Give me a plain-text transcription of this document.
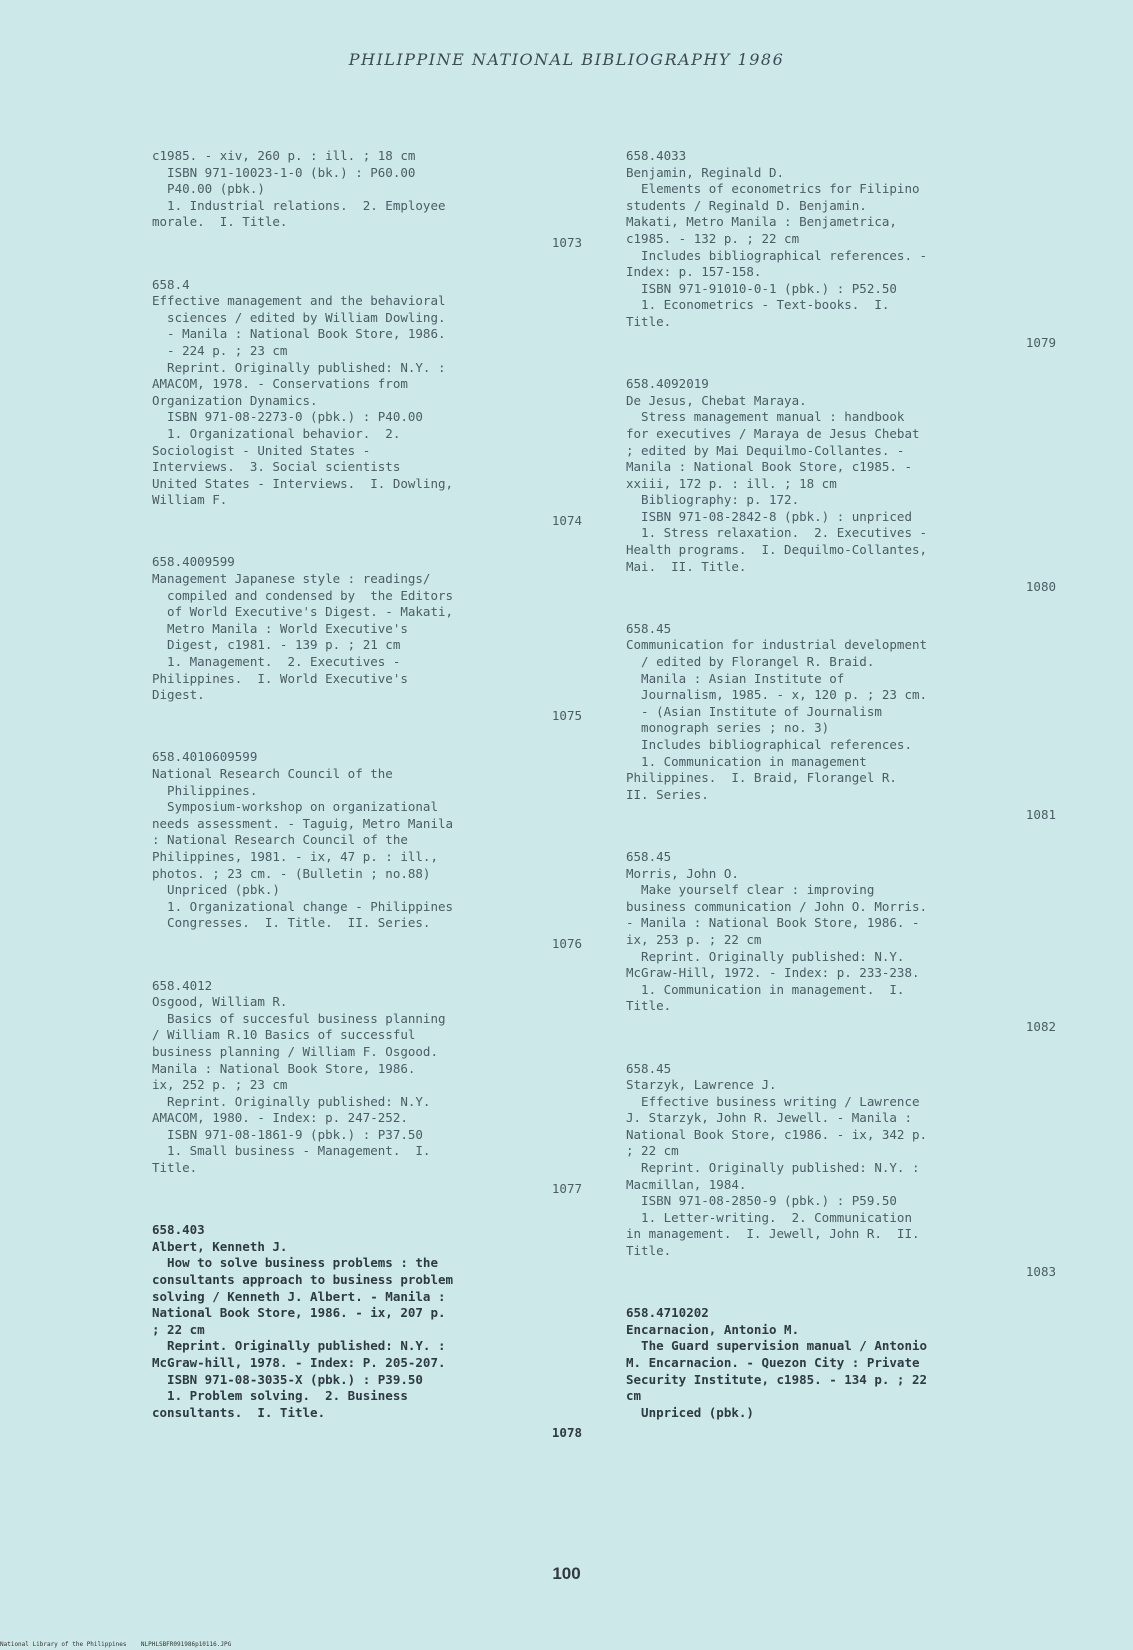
PHILIPPINE NATIONAL BIBLIOGRAPHY 1986
c1985. - xiv, 260 p. : ill. ; 18 cm
ISBN 971-10023-1-0 (bk.) : P60.00
P40.00 (pbk.)
1. Industrial relations.  2. Employee
morale.  I. Title.
1073
658.4
Effective management and the behavioral
sciences / edited by William Dowling.
- Manila : National Book Store, 1986.
- 224 p. ; 23 cm
Reprint. Originally published: N.Y. :
AMACOM, 1978. - Conservations from
Organization Dynamics.
ISBN 971-08-2273-0 (pbk.) : P40.00
1. Organizational behavior.  2.
Sociologist - United States -
Interviews.  3. Social scientists
United States - Interviews.  I. Dowling,
William F.
1074
658.4009599
Management Japanese style : readings/
compiled and condensed by  the Editors
of World Executive's Digest. - Makati,
Metro Manila : World Executive's
Digest, c1981. - 139 p. ; 21 cm
1. Management.  2. Executives -
Philippines.  I. World Executive's
Digest.
1075
658.4010609599
National Research Council of the
Philippines.
Symposium-workshop on organizational
needs assessment. - Taguig, Metro Manila
: National Research Council of the
Philippines, 1981. - ix, 47 p. : ill.,
photos. ; 23 cm. - (Bulletin ; no.88)
Unpriced (pbk.)
1. Organizational change - Philippines
Congresses.  I. Title.  II. Series.
1076
658.4012
Osgood, William R.
Basics of succesful business planning
/ William R.10 Basics of successful
business planning / William F. Osgood.
Manila : National Book Store, 1986.
ix, 252 p. ; 23 cm
Reprint. Originally published: N.Y.
AMACOM, 1980. - Index: p. 247-252.
ISBN 971-08-1861-9 (pbk.) : P37.50
1. Small business - Management.  I.
Title.
1077
658.403
Albert, Kenneth J.
How to solve business problems : the
consultants approach to business problem
solving / Kenneth J. Albert. - Manila :
National Book Store, 1986. - ix, 207 p.
; 22 cm
Reprint. Originally published: N.Y. :
McGraw-hill, 1978. - Index: P. 205-207.
ISBN 971-08-3035-X (pbk.) : P39.50
1. Problem solving.  2. Business
consultants.  I. Title.
1078
658.4033
Benjamin, Reginald D.
Elements of econometrics for Filipino
students / Reginald D. Benjamin.
Makati, Metro Manila : Benjametrica,
c1985. - 132 p. ; 22 cm
Includes bibliographical references. -
Index: p. 157-158.
ISBN 971-91010-0-1 (pbk.) : P52.50
1. Econometrics - Text-books.  I.
Title.
1079
658.4092019
De Jesus, Chebat Maraya.
Stress management manual : handbook
for executives / Maraya de Jesus Chebat
; edited by Mai Dequilmo-Collantes. -
Manila : National Book Store, c1985. -
xxiii, 172 p. : ill. ; 18 cm
Bibliography: p. 172.
ISBN 971-08-2842-8 (pbk.) : unpriced
1. Stress relaxation.  2. Executives -
Health programs.  I. Dequilmo-Collantes,
Mai.  II. Title.
1080
658.45
Communication for industrial development
/ edited by Florangel R. Braid.
Manila : Asian Institute of
Journalism, 1985. - x, 120 p. ; 23 cm.
- (Asian Institute of Journalism
monograph series ; no. 3)
Includes bibliographical references.
1. Communication in management
Philippines.  I. Braid, Florangel R.
II. Series.
1081
658.45
Morris, John O.
Make yourself clear : improving
business communication / John O. Morris.
- Manila : National Book Store, 1986. -
ix, 253 p. ; 22 cm
Reprint. Originally published: N.Y.
McGraw-Hill, 1972. - Index: p. 233-238.
1. Communication in management.  I.
Title.
1082
658.45
Starzyk, Lawrence J.
Effective business writing / Lawrence
J. Starzyk, John R. Jewell. - Manila :
National Book Store, c1986. - ix, 342 p.
; 22 cm
Reprint. Originally published: N.Y. :
Macmillan, 1984.
ISBN 971-08-2850-9 (pbk.) : P59.50
1. Letter-writing.  2. Communication
in management.  I. Jewell, John R.  II.
Title.
1083
658.4710202
Encarnacion, Antonio M.
The Guard supervision manual / Antonio
M. Encarnacion. - Quezon City : Private
Security Institute, c1985. - 134 p. ; 22
cm
Unpriced (pbk.)
100
National Library of the Philippines NLPHLSBFR091986p10116.JPG
